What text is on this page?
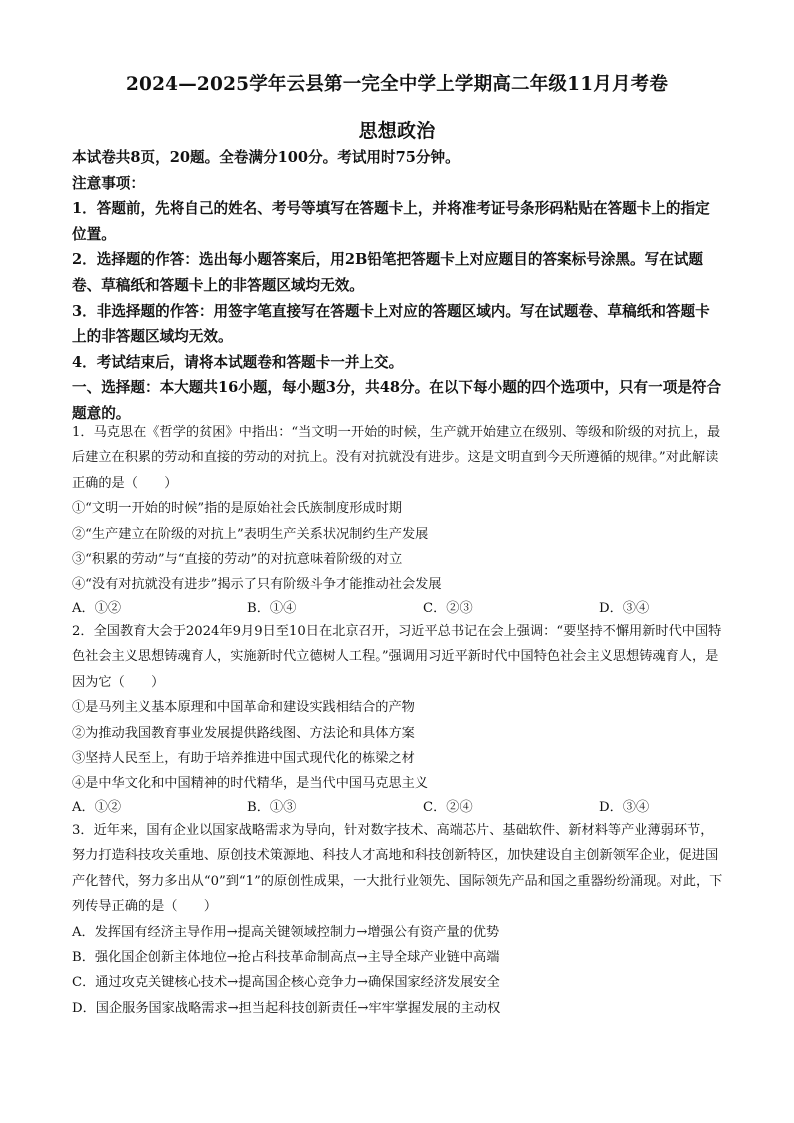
2024—2025学年云县第一完全中学上学期高二年级11月月考卷
思想政治

本试卷共8页，20题。全卷满分100分。考试用时75分钟。

注意事项：

1．答题前，先将自己的姓名、考号等填写在答题卡上，并将准考证号条形码粘贴在答题卡上的指定位置。

2．选择题的作答：选出每小题答案后，用2B铅笔把答题卡上对应题目的答案标号涂黑。写在试题卷、草稿纸和答题卡上的非答题区域均无效。

3．非选择题的作答：用签字笔直接写在答题卡上对应的答题区域内。写在试题卷、草稿纸和答题卡上的非答题区域均无效。

4．考试结束后，请将本试题卷和答题卡一并上交。

一、选择题：本大题共16小题，每小题3分，共48分。在以下每小题的四个选项中，只有一项是符合题意的。

1．马克思在《哲学的贫困》中指出：“当文明一开始的时候，生产就开始建立在级别、等级和阶级的对抗上，最后建立在积累的劳动和直接的劳动的对抗上。没有对抗就没有进步。这是文明直到今天所遵循的规律。”对此解读正确的是（　　）

①“文明一开始的时候”指的是原始社会氏族制度形成时期

②“生产建立在阶级的对抗上”表明生产关系状况制约生产发展

③“积累的劳动”与“直接的劳动”的对抗意味着阶级的对立

④“没有对抗就没有进步”揭示了只有阶级斗争才能推动社会发展

A．①②	B．①④	C．②③	D．③④

2．全国教育大会于2024年9月9日至10日在北京召开，习近平总书记在会上强调：“要坚持不懈用新时代中国特色社会主义思想铸魂育人，实施新时代立德树人工程。”强调用习近平新时代中国特色社会主义思想铸魂育人，是因为它（　　）

①是马列主义基本原理和中国革命和建设实践相结合的产物

②为推动我国教育事业发展提供路线图、方法论和具体方案

③坚持人民至上，有助于培养推进中国式现代化的栋梁之材

④是中华文化和中国精神的时代精华，是当代中国马克思主义

A．①②	B．①③	C．②④	D．③④

3．近年来，国有企业以国家战略需求为导向，针对数字技术、高端芯片、基础软件、新材料等产业薄弱环节，努力打造科技攻关重地、原创技术策源地、科技人才高地和科技创新特区，加快建设自主创新领军企业，促进国产化替代，努力多出从“0”到“1”的原创性成果，一大批行业领先、国际领先产品和国之重器纷纷涌现。对此，下列传导正确的是（　　）

A．发挥国有经济主导作用→提高关键领域控制力→增强公有资产量的优势

B．强化国企创新主体地位→抢占科技革命制高点→主导全球产业链中高端

C．通过攻克关键核心技术→提高国企核心竞争力→确保国家经济发展安全

D．国企服务国家战略需求→担当起科技创新责任→牢牢掌握发展的主动权
